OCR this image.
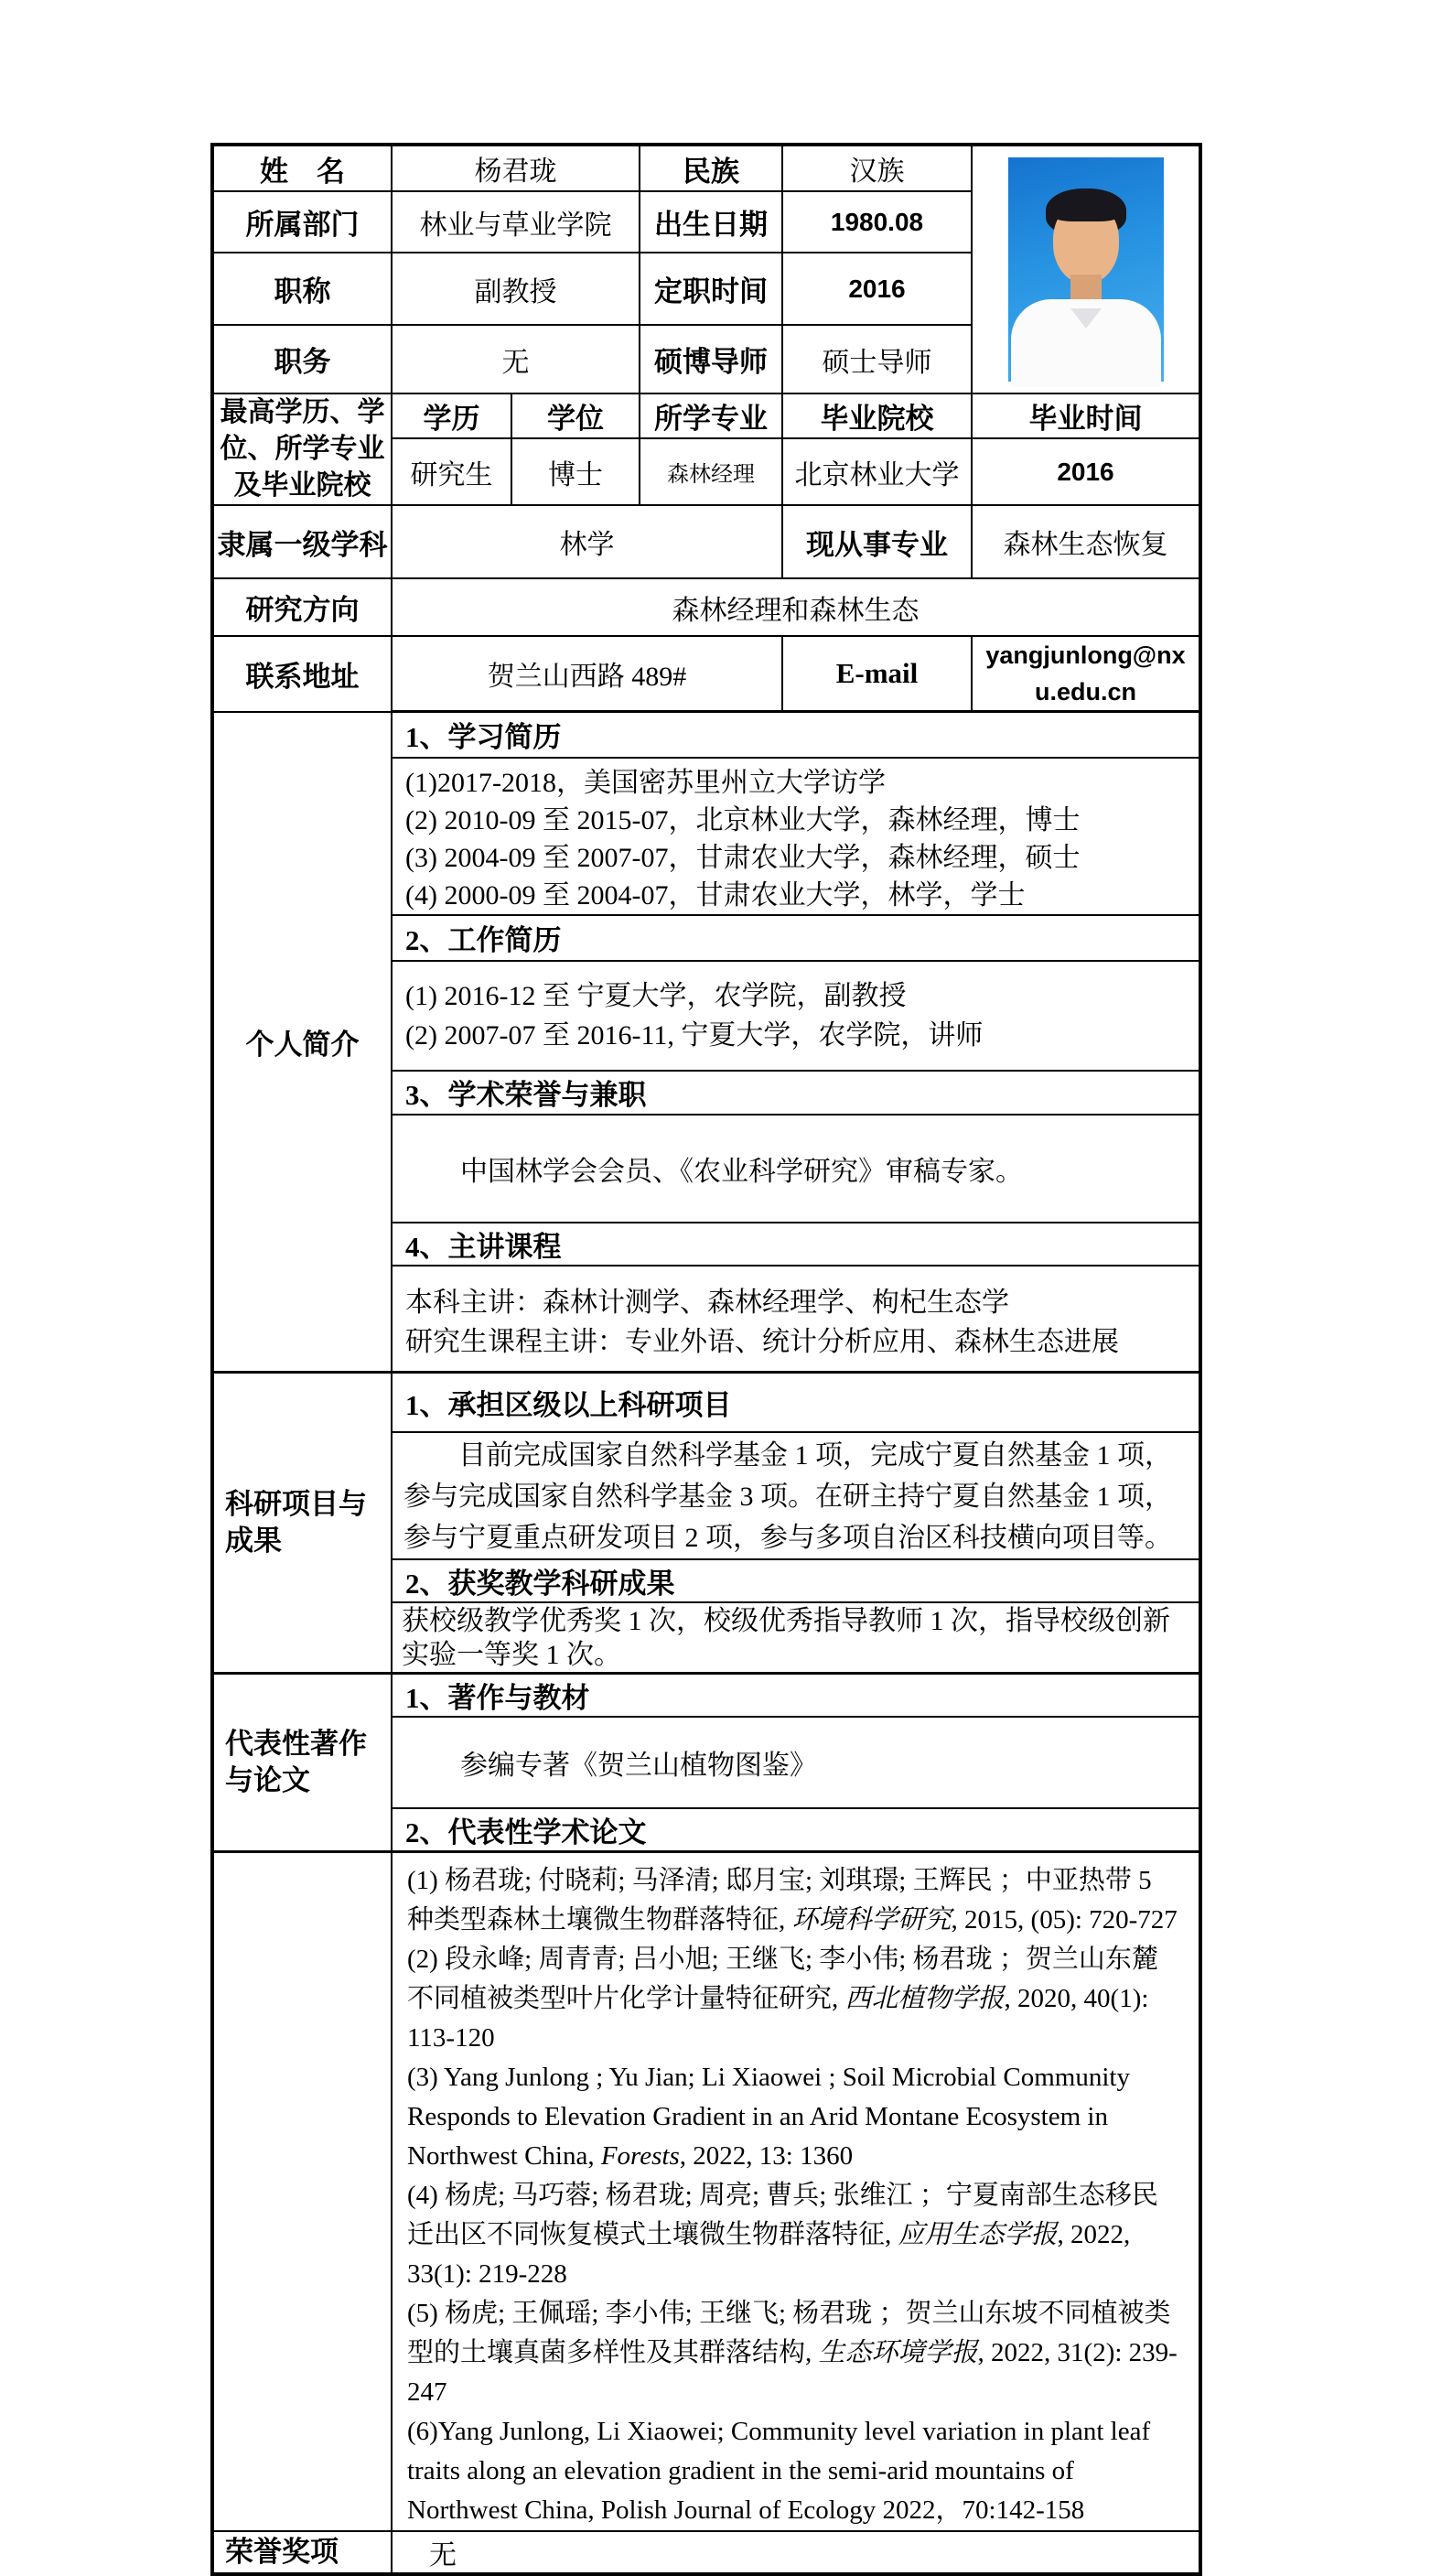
姓　名	杨君珑		民族	汉族	

所属部门	林业与草业学院		出生日期	1980.08	
职称	副教授		定职时间	2016	
职务	无		硕博导师	硕士导师	
最高学历、学位、所学专业及毕业院校	学历	学位	所学专业	毕业院校	毕业时间
	研究生	博士	森林经理	北京林业大学	2016
隶属一级学科	林学			现从事专业	森林生态恢复
研究方向	森林经理和森林生态				
联系地址	贺兰山西路 489#			E-mail	yangjunlong@nxu.edu.cn
个人简介	1、学习简历				

	(1)2017-2018，美国密苏里州立大学访学
(2) 2010-09 至 2015-07，北京林业大学，森林经理，博士
(3) 2004-09 至 2007-07，甘肃农业大学，森林经理，硕士
(4) 2000-09 至 2004-07，甘肃农业大学，林学，学士				

	2、工作简历				

	(1) 2016-12 至 宁夏大学，农学院，副教授
(2) 2007-07 至 2016-11, 宁夏大学，农学院，讲师				

	3、学术荣誉与兼职				
	中国林学会会员、《农业科学研究》审稿专家。				
	4、主讲课程				

	本科主讲：森林计测学、森林经理学、枸杞生态学
研究生课程主讲：专业外语、统计分析应用、森林生态进展				

科研项目与成果	1、承担区级以上科研项目				
	目前完成国家自然科学基金 1 项，完成宁夏自然基金 1 项，参与完成国家自然科学基金 3 项。在研主持宁夏自然基金 1 项，参与宁夏重点研发项目 2 项，参与多项自治区科技横向项目等。				
	2、获奖教学科研成果				
	获校级教学优秀奖 1 次，校级优秀指导教师 1 次，指导校级创新实验一等奖 1 次。				
代表性著作与论文	1、著作与教材				
	参编专著《贺兰山植物图鉴》				
	2、代表性学术论文				

(1) 杨君珑; 付晓莉; 马泽清; 邸月宝; 刘琪璟; 王辉民 ；中亚热带 5 种类型森林土壤微生物群落特征, 环境科学研究, 2015, (05): 720-727
(2) 段永峰; 周青青; 吕小旭; 王继飞; 李小伟; 杨君珑 ；贺兰山东麓不同植被类型叶片化学计量特征研究, 西北植物学报, 2020, 40(1): 113-120
(3) Yang Junlong ; Yu Jian; Li Xiaowei ; Soil Microbial Community Responds to Elevation Gradient in an Arid Montane Ecosystem in Northwest China, Forests, 2022, 13: 1360
(4) 杨虎; 马巧蓉; 杨君珑; 周亮; 曹兵; 张维江 ；宁夏南部生态移民迁出区不同恢复模式土壤微生物群落特征, 应用生态学报, 2022, 33(1): 219-228
(5) 杨虎; 王佩瑶; 李小伟; 王继飞; 杨君珑 ；贺兰山东坡不同植被类型的土壤真菌多样性及其群落结构, 生态环境学报, 2022, 31(2): 239-247
(6)Yang Junlong, Li Xiaowei; Community level variation in plant leaf traits along an elevation gradient in the semi-arid mountains of Northwest China, Polish Journal of Ecology 2022，70:142-158

荣誉奖项	无				
